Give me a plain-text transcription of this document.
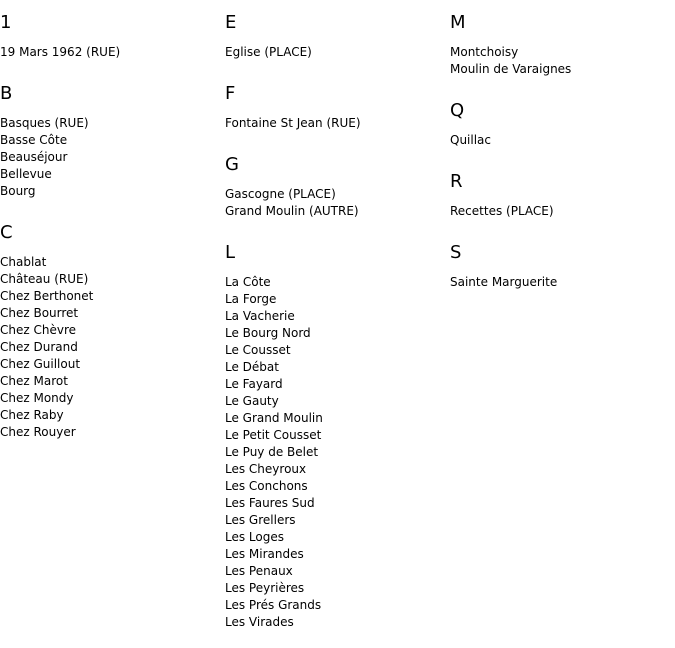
1
19 Mars 1962 (RUE)
B
Basques (RUE)
Basse Côte
Beauséjour
Bellevue
Bourg
C
Chablat
Château (RUE)
Chez Berthonet
Chez Bourret
Chez Chèvre
Chez Durand
Chez Guillout
Chez Marot
Chez Mondy
Chez Raby
Chez Rouyer
E
Eglise (PLACE)
F
Fontaine St Jean (RUE)
G
Gascogne (PLACE)
Grand Moulin (AUTRE)
L
La Côte
La Forge
La Vacherie
Le Bourg Nord
Le Cousset
Le Débat
Le Fayard
Le Gauty
Le Grand Moulin
Le Petit Cousset
Le Puy de Belet
Les Cheyroux
Les Conchons
Les Faures Sud
Les Grellers
Les Loges
Les Mirandes
Les Penaux
Les Peyrières
Les Prés Grands
Les Virades
M
Montchoisy
Moulin de Varaignes
Q
Quillac
R
Recettes (PLACE)
S
Sainte Marguerite
